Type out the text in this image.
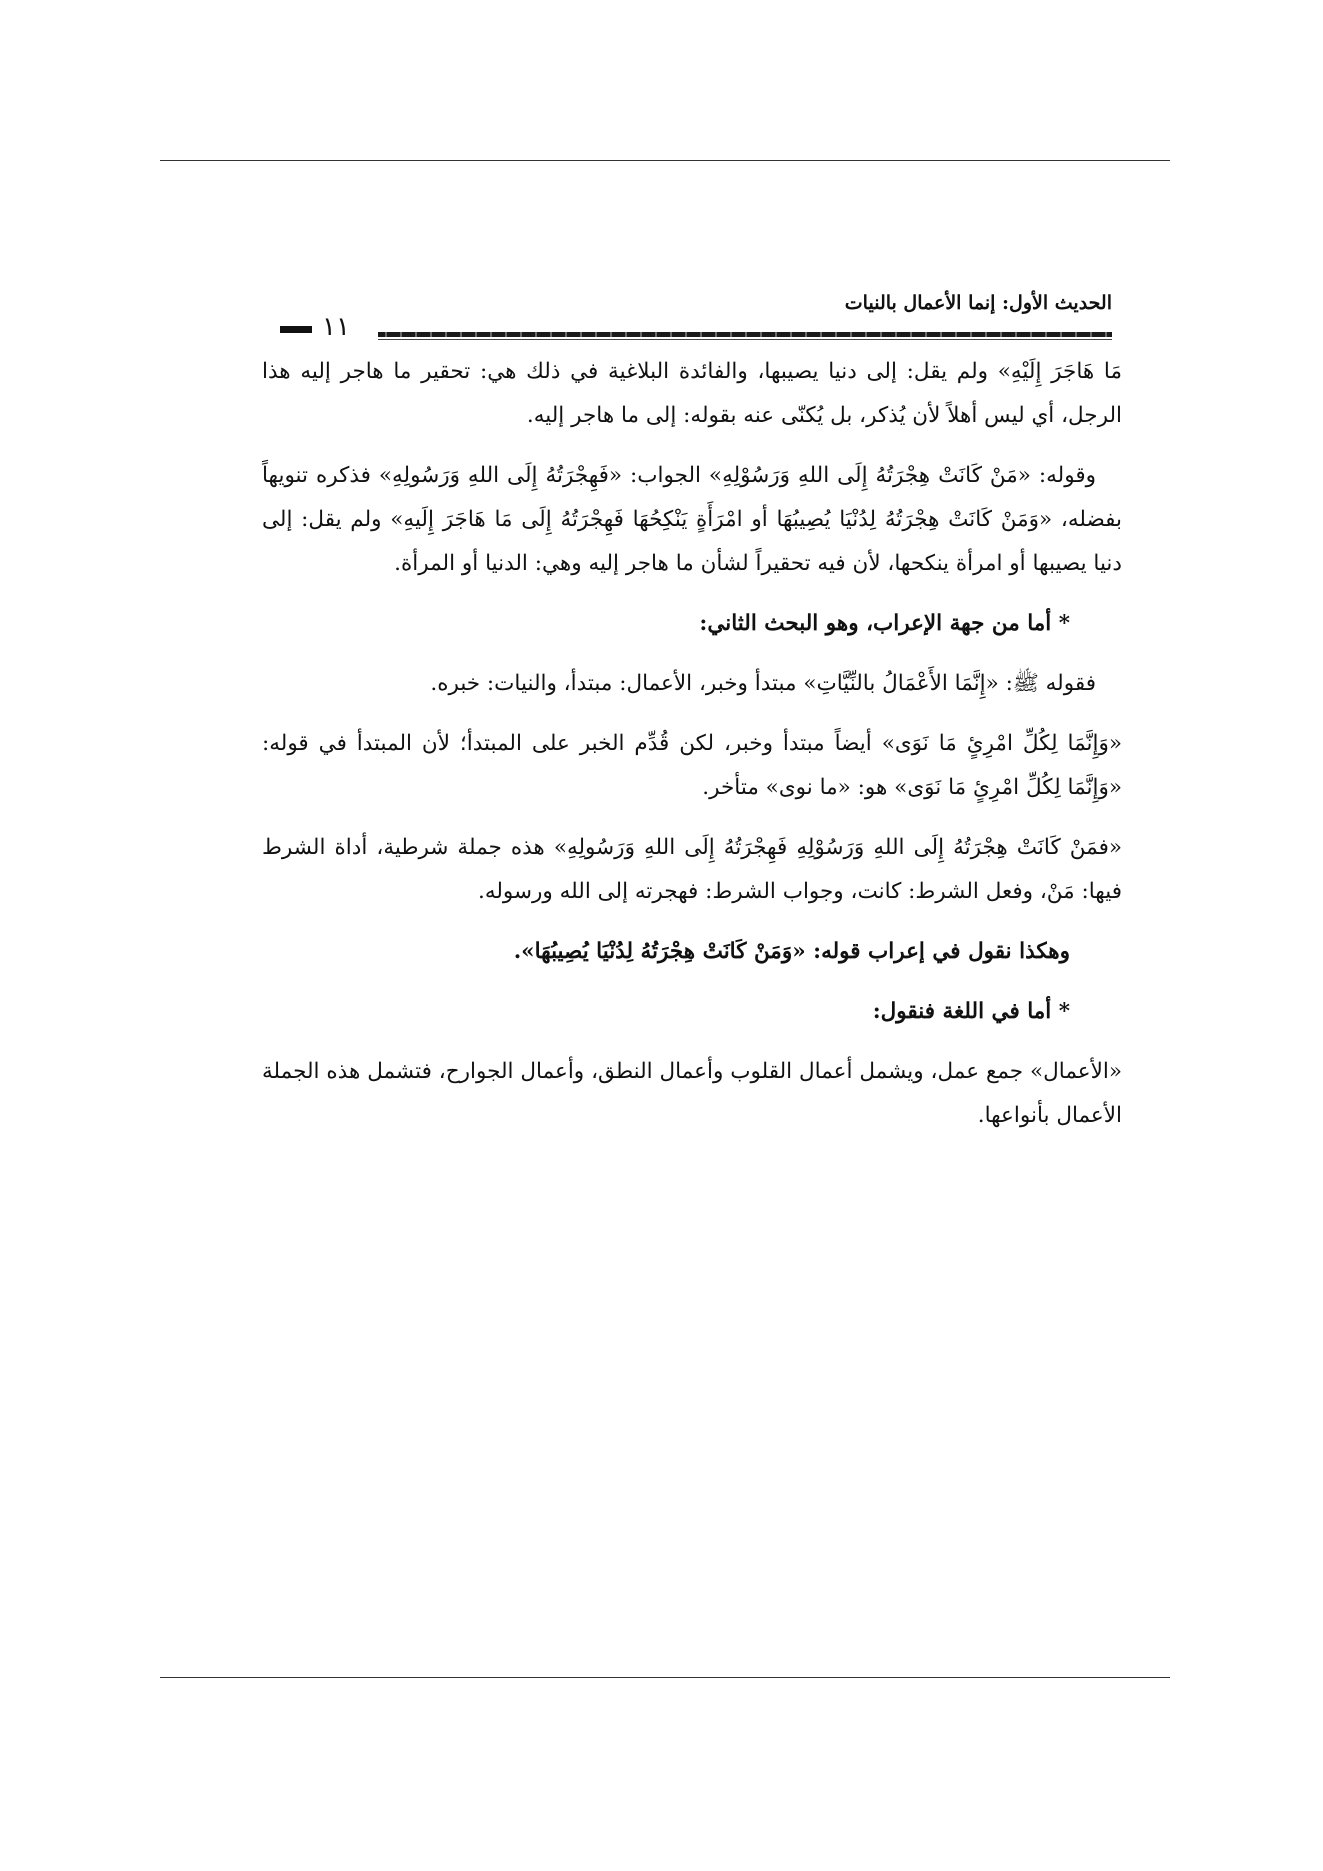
الحديث الأول: إنما الأعمال بالنيات
١١

مَا هَاجَرَ إِلَيْهِ» ولم يقل: إلى دنيا يصيبها، والفائدة البلاغية في ذلك هي: تحقير ما هاجر إليه هذا الرجل، أي ليس أهلاً لأن يُذكر، بل يُكنّى عنه بقوله: إلى ما هاجر إليه.

وقوله: «مَنْ كَانَتْ هِجْرَتُهُ إِلَى اللهِ وَرَسُوْلِهِ» الجواب: «فَهِجْرَتُهُ إِلَى اللهِ وَرَسُولِهِ» فذكره تنويهاً بفضله، «وَمَنْ كَانَتْ هِجْرَتُهُ لِدُنْيَا يُصِيبُهَا أو امْرَأَةٍ يَنْكِحُهَا فَهِجْرَتُهُ إِلَى مَا هَاجَرَ إِلَيهِ» ولم يقل: إلى دنيا يصيبها أو امرأة ينكحها، لأن فيه تحقيراً لشأن ما هاجر إليه وهي: الدنيا أو المرأة.

* أما من جهة الإعراب، وهو البحث الثاني:

فقوله ﷺ: «إِنَّمَا الأَعْمَالُ بالنِّيَّاتِ» مبتدأ وخبر، الأعمال: مبتدأ، والنيات: خبره.

«وَإِنَّمَا لِكُلِّ امْرِئٍ مَا نَوَى» أيضاً مبتدأ وخبر، لكن قُدِّم الخبر على المبتدأ؛ لأن المبتدأ في قوله: «وَإِنَّمَا لِكُلِّ امْرِئٍ مَا نَوَى» هو: «ما نوى» متأخر.

«فمَنْ كَانَتْ هِجْرَتُهُ إِلَى اللهِ وَرَسُوْلِهِ فَهِجْرَتُهُ إِلَى اللهِ وَرَسُولِهِ» هذه جملة شرطية، أداة الشرط فيها: مَنْ، وفعل الشرط: كانت، وجواب الشرط: فهجرته إلى الله ورسوله.

وهكذا نقول في إعراب قوله: «وَمَنْ كَانَتْ هِجْرَتُهُ لِدُنْيَا يُصِيبُهَا».

* أما في اللغة فنقول:

«الأعمال» جمع عمل، ويشمل أعمال القلوب وأعمال النطق، وأعمال الجوارح، فتشمل هذه الجملة الأعمال بأنواعها.
